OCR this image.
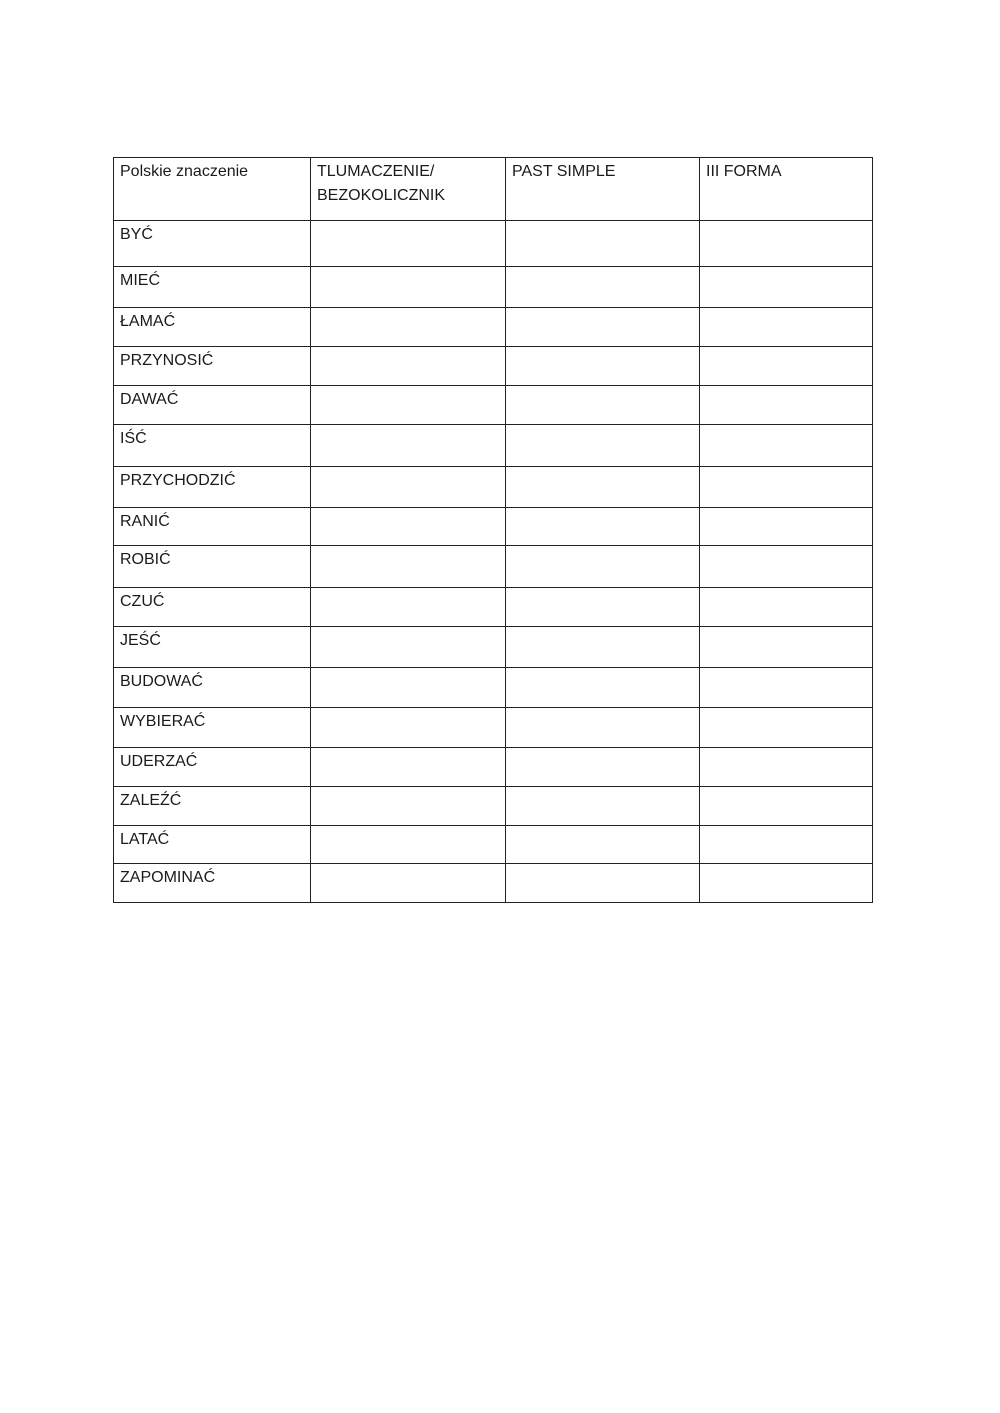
Polskie znaczenie	TLUMACZENIE/
BEZOKOLICZNIK	PAST SIMPLE	III FORMA

BYĆ			

MIEĆ			

ŁAMAĆ			

PRZYNOSIĆ			

DAWAĆ			

IŚĆ			

PRZYCHODZIĆ			

RANIĆ			

ROBIĆ			

CZUĆ			

JEŚĆ			

BUDOWAĆ			

WYBIERAĆ			

UDERZAĆ			

ZALEŹĆ			

LATAĆ			

ZAPOMINAĆ			
